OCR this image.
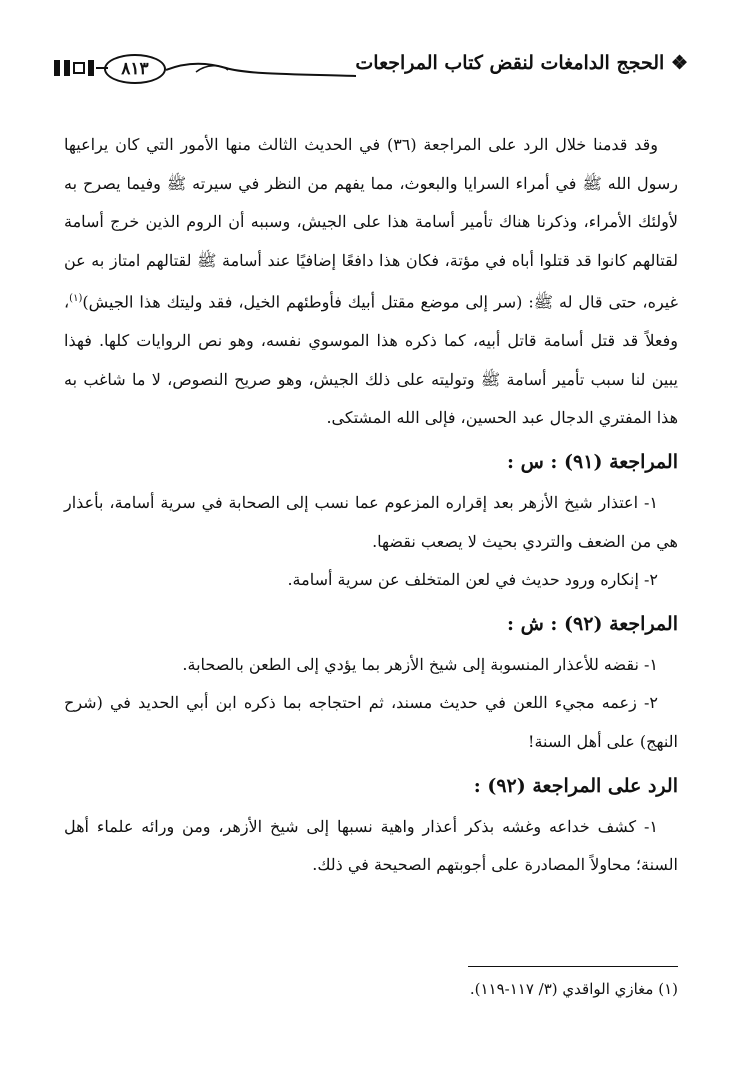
❖ الحجج الدامغات لنقض كتاب المراجعات
٨١٣

وقد قدمنا خلال الرد على المراجعة (٣٦) في الحديث الثالث منها الأمور التي كان يراعيها رسول الله ﷺ في أمراء السرايا والبعوث، مما يفهم من النظر في سيرته ﷺ وفيما يصرح به لأولئك الأمراء، وذكرنا هناك تأمير أسامة هذا على الجيش، وسببه أن الروم الذين خرج أسامة لقتالهم كانوا قد قتلوا أباه في مؤتة، فكان هذا دافعًا إضافيًا عند أسامة ﷺ لقتالهم امتاز به عن غيره، حتى قال له ﷺ: (سر إلى موضع مقتل أبيك فأوطئهم الخيل، فقد وليتك هذا الجيش)$^{(١)}$، وفعلاً قد قتل أسامة قاتل أبيه، كما ذكره هذا الموسوي نفسه، وهو نص الروايات كلها. فهذا يبين لنا سبب تأمير أسامة ﷺ وتوليته على ذلك الجيش، وهو صريح النصوص، لا ما شاغب به هذا المفتري الدجال عبد الحسين، فإلى الله المشتكى.

المراجعة (٩١) : س :

١- اعتذار شيخ الأزهر بعد إقراره المزعوم عما نسب إلى الصحابة في سرية أسامة، بأعذار هي من الضعف والتردي بحيث لا يصعب نقضها.

٢- إنكاره ورود حديث في لعن المتخلف عن سرية أسامة.

المراجعة (٩٢) : ش :

١- نقضه للأعذار المنسوبة إلى شيخ الأزهر بما يؤدي إلى الطعن بالصحابة.

٢- زعمه مجيء اللعن في حديث مسند، ثم احتجاجه بما ذكره ابن أبي الحديد في (شرح النهج) على أهل السنة!

الرد على المراجعة (٩٢) :

١- كشف خداعه وغشه بذكر أعذار واهية نسبها إلى شيخ الأزهر، ومن ورائه علماء أهل السنة؛ محاولاً المصادرة على أجوبتهم الصحيحة في ذلك.

(١) مغازي الواقدي (٣/ ١١٧-١١٩).
